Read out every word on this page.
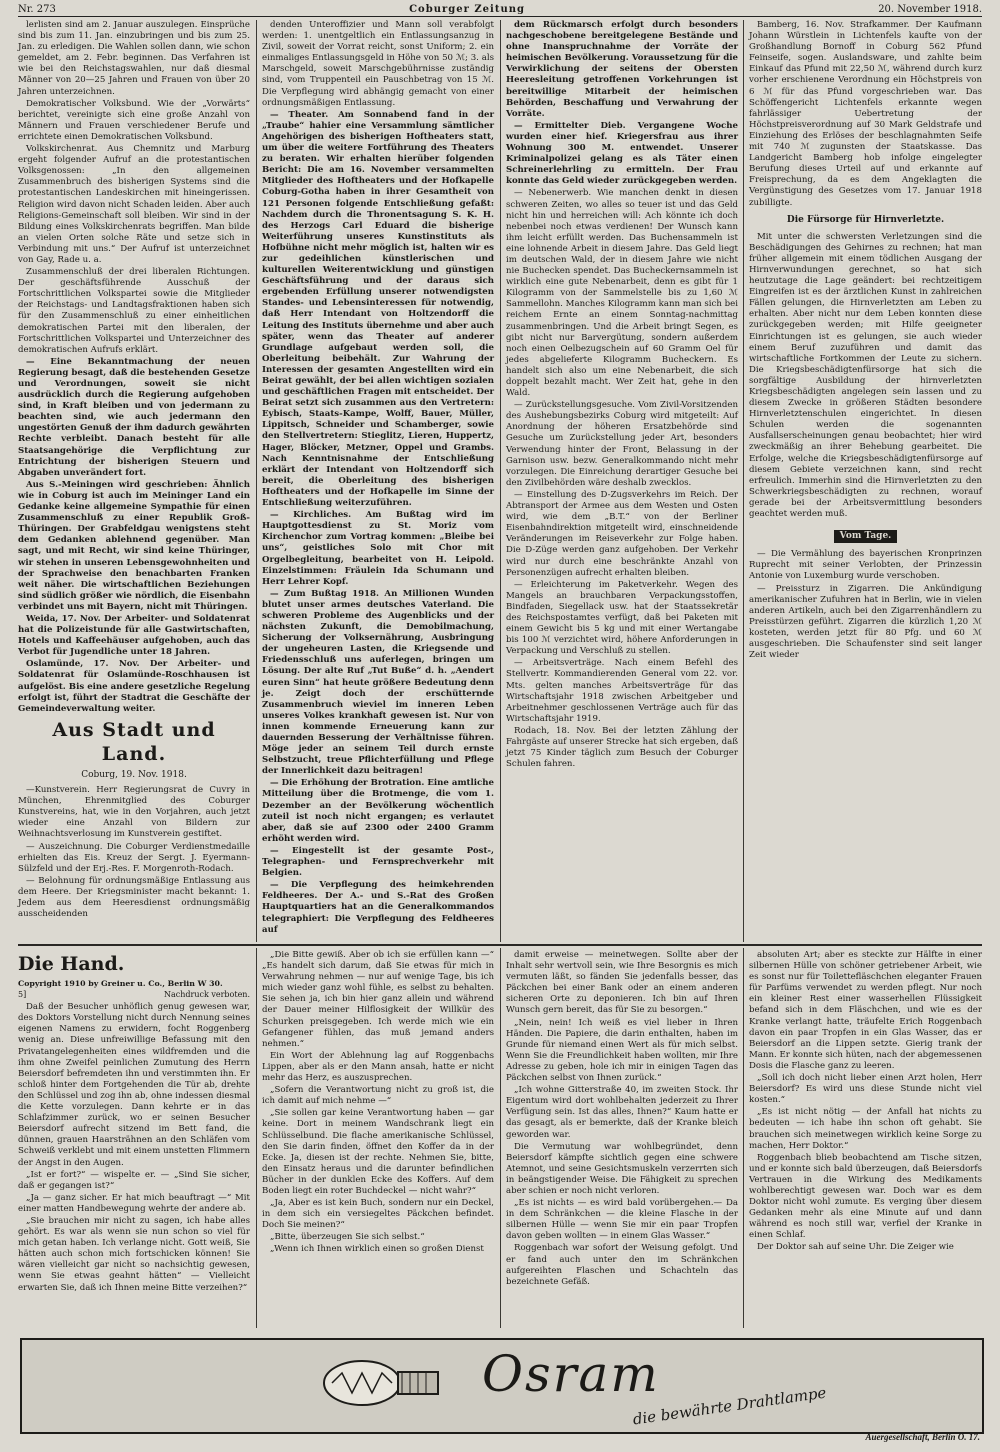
Nr. 273	Coburger Zeitung	20. November 1918.

lerlisten sind am 2. Januar auszulegen. Einsprüche sind bis zum 11. Jan. einzubringen und bis zum 25. Jan. zu erledigen. Die Wahlen sollen dann, wie schon gemeldet, am 2. Febr. beginnen. Das Verfahren ist wie bei den Reichstagswahlen, nur daß diesmal Männer von 20—25 Jahren und Frauen von über 20 Jahren unterzeichnen.

Demokratischer Volksbund. Wie der „Vorwärts“ berichtet, vereinigte sich eine große Anzahl von Männern und Frauen verschiedener Berufe und errichtete einen Demokratischen Volksbund.

Volkskirchenrat. Aus Chemnitz und Marburg ergeht folgender Aufruf an die protestantischen Volksgenossen: „In den allgemeinen Zusammenbruch des bisherigen Systems sind die protestantischen Landeskirchen mit hineingerissen. Religion wird davon nicht Schaden leiden. Aber auch Religions-Gemeinschaft soll bleiben. Wir sind in der Bildung eines Volkskirchenrats begriffen. Man bilde an vielen Orten solche Räte und setze sich in Verbindung mit uns.“ Der Aufruf ist unterzeichnet von Gay, Rade u. a.

Zusammenschluß der drei liberalen Richtungen. Der geschäftsführende Ausschuß der Fortschrittlichen Volkspartei sowie die Mitglieder der Reichstags- und Landtagsfraktionen haben sich für den Zusammenschluß zu einer einheitlichen demokratischen Partei mit den liberalen, der Fortschrittlichen Volkspartei und Unterzeichner des demokratischen Aufrufs erklärt.

— Eine Bekanntmachung der neuen Regierung besagt, daß die bestehenden Gesetze und Verordnungen, soweit sie nicht ausdrücklich durch die Regierung aufgehoben sind, in Kraft bleiben und von jedermann zu beachten sind, wie auch jedermann den ungestörten Genuß der ihm dadurch gewährten Rechte verbleibt. Danach besteht für alle Staatsangehörige die Verpflichtung zur Entrichtung der bisherigen Steuern und Abgaben unverändert fort.

Aus S.-Meiningen wird geschrieben: Ähnlich wie in Coburg ist auch im Meininger Land ein Gedanke keine allgemeine Sympathie für einen Zusammenschluß zu einer Republik Groß-Thüringen. Der Grabfeldgau wenigstens steht dem Gedanken ablehnend gegenüber. Man sagt, und mit Recht, wir sind keine Thüringer, wir stehen in unseren Lebensgewohnheiten und der Sprachweise den benachbarten Franken weit näher. Die wirtschaftlichen Beziehungen sind südlich größer wie nördlich, die Eisenbahn verbindet uns mit Bayern, nicht mit Thüringen.

Weida, 17. Nov. Der Arbeiter- und Soldatenrat hat die Polizeistunde für alle Gastwirtschaften, Hotels und Kaffeehäuser aufgehoben, auch das Verbot für Jugendliche unter 18 Jahren.

Oslamünde, 17. Nov. Der Arbeiter- und Soldatenrat für Oslamünde-Roschhausen ist aufgelöst. Bis eine andere gesetzliche Regelung erfolgt ist, führt der Stadtrat die Geschäfte der Gemeindeverwaltung weiter.

Aus Stadt und Land.
Coburg, 19. Nov. 1918.

—Kunstverein. Herr Regierungsrat de Cuvry in München, Ehrenmitglied des Coburger Kunstvereins, hat, wie in den Vorjahren, auch jetzt wieder eine Anzahl von Bildern zur Weihnachtsverlosung im Kunstverein gestiftet.

— Auszeichnung. Die Coburger Verdienstmedaille erhielten das Eis. Kreuz der Sergt. J. Eyermann-Sülzfeld und der Erj.-Res. F. Morgenroth-Rodach.

— Belohnung für ordnungsmäßige Entlassung aus dem Heere. Der Kriegsminister macht bekannt: 1. Jedem aus dem Heeresdienst ordnungsmäßig ausscheidenden

denden Unteroffizier und Mann soll verabfolgt werden: 1. unentgeltlich ein Entlassungsanzug in Zivil, soweit der Vorrat reicht, sonst Uniform; 2. ein einmaliges Entlassungsgeld in Höhe von 50 ℳ; 3. als Marschgeld, soweit Marschgebührnisse zuständig sind, vom Truppenteil ein Pauschbetrag von 15 ℳ. Die Verpflegung wird abhängig gemacht von einer ordnungsmäßigen Entlassung.

— Theater. Am Sonnabend fand in der „Traube“ hahier eine Versammlung sämtlicher Angehörigen des bisherigen Hoftheaters statt, um über die weitere Fortführung des Theaters zu beraten. Wir erhalten hierüber folgenden Bericht: Die am 16. November versammelten Mitglieder des Hoftheaters und der Hofkapelle Coburg-Gotha haben in ihrer Gesamtheit von 121 Personen folgende Entschließung gefaßt: Nachdem durch die Thronentsagung S. K. H. des Herzogs Carl Eduard die bisherige Weiterführung unseres Kunstinstituts als Hofbühne nicht mehr möglich ist, halten wir es zur gedeihlichen künstlerischen und kulturellen Weiterentwicklung und günstigen Geschäftsführung und der daraus sich ergebenden Erfüllung unserer notwendigsten Standes- und Lebensinteressen für notwendig, daß Herr Intendant von Holtzendorff die Leitung des Instituts übernehme und aber auch später, wenn das Theater auf anderer Grundlage aufgebaut werden soll, die Oberleitung beibehält. Zur Wahrung der Interessen der gesamten Angestellten wird ein Beirat gewählt, der bei allen wichtigen sozialen und geschäftlichen Fragen mit entscheidet. Der Beirat setzt sich zusammen aus den Vertretern: Eybisch, Staats-Kampe, Wolff, Bauer, Müller, Lippitsch, Schneider und Schamberger, sowie den Stellvertretern: Stieglitz, Lieren, Huppertz, Hager, Blöcker, Metzner, Oppel und Grambs. Nach Kenntnisnahme der Entschließung erklärt der Intendant von Holtzendorff sich bereit, die Oberleitung des bisherigen Hoftheaters und der Hofkapelle im Sinne der Entschließung weiterzuführen.

— Kirchliches. Am Bußtag wird im Hauptgottesdienst zu St. Moriz vom Kirchenchor zum Vortrag kommen: „Bleibe bei uns“, geistliches Solo mit Chor mit Orgelbegleitung, bearbeitet von H. Leipold. Einzelstimmen: Fräulein Ida Schumann und Herr Lehrer Kopf.

— Zum Bußtag 1918. An Millionen Wunden blutet unser armes deutsches Vaterland. Die schweren Probleme des Augenblicks und der nächsten Zukunft, die Demobilmachung, Sicherung der Volksernährung, Ausbringung der ungeheuren Lasten, die Kriegsende und Friedensschluß uns auferlegen, bringen um Lösung. Der alte Ruf „Tut Buße“ d. h. „Aendert euren Sinn“ hat heute größere Bedeutung denn je. Zeigt doch der erschütternde Zusammenbruch wieviel im inneren Leben unseres Volkes krankhaft gewesen ist. Nur von innen kommende Erneuerung kann zur dauernden Besserung der Verhältnisse führen. Möge jeder an seinem Teil durch ernste Selbstzucht, treue Pflichterfüllung und Pflege der Innerlichkeit dazu beitragen!

— Die Erhöhung der Brotration. Eine amtliche Mitteilung über die Brotmenge, die vom 1. Dezember an der Bevölkerung wöchentlich zuteil ist noch nicht ergangen; es verlautet aber, daß sie auf 2300 oder 2400 Gramm erhöht werden wird.

— Eingestellt ist der gesamte Post-, Telegraphen- und Fernsprechverkehr mit Belgien.

— Die Verpflegung des heimkehrenden Feldheeres. Der A.- und S.-Rat des Großen Hauptquartiers hat an die Generalkommandos telegraphiert: Die Verpflegung des Feldheeres auf

dem Rückmarsch erfolgt durch besonders nachgeschobene bereitgelegene Bestände und ohne Inanspruchnahme der Vorräte der heimischen Bevölkerung. Voraussetzung für die Verwirklichung der seitens der Obersten Heeresleitung getroffenen Vorkehrungen ist bereitwillige Mitarbeit der heimischen Behörden, Beschaffung und Verwahrung der Vorräte.

— Ermittelter Dieb. Vergangene Woche wurden einer hief. Kriegersfrau aus ihrer Wohnung 300 M. entwendet. Unserer Kriminalpolizei gelang es als Täter einen Schreinerlehrling zu ermitteln. Der Frau konnte das Geld wieder zurückgegeben werden.

— Nebenerwerb. Wie manchen denkt in diesen schweren Zeiten, wo alles so teuer ist und das Geld nicht hin und herreichen will: Ach könnte ich doch nebenbei noch etwas verdienen! Der Wunsch kann ihm leicht erfüllt werden. Das Buchensammeln ist eine lohnende Arbeit in diesem Jahre. Das Geld liegt im deutschen Wald, der in diesem Jahre wie nicht nie Buchecken spendet. Das Bucheckernsammeln ist wirklich eine gute Nebenarbeit, denn es gibt für 1 Kilogramm von der Sammelstelle bis zu 1,60 ℳ Sammellohn. Manches Kilogramm kann man sich bei reichem Ernte an einem Sonntag-nachmittag zusammenbringen. Und die Arbeit bringt Segen, es gibt nicht nur Barvergütung, sondern außerdem noch einen Oelbezugschein auf 60 Gramm Oel für jedes abgelieferte Kilogramm Bucheckern. Es handelt sich also um eine Nebenarbeit, die sich doppelt bezahlt macht. Wer Zeit hat, gehe in den Wald.

— Zurückstellungsgesuche. Vom Zivil-Vorsitzenden des Aushebungsbezirks Coburg wird mitgeteilt: Auf Anordnung der höheren Ersatzbehörde sind Gesuche um Zurückstellung jeder Art, besonders Verwendung hinter der Front, Belassung in der Garnison usw. bezw. Generalkommando nicht mehr vorzulegen. Die Einreichung derartiger Gesuche bei den Zivilbehörden wäre deshalb zwecklos.

— Einstellung des D-Zugsverkehrs im Reich. Der Abtransport der Armee aus dem Westen und Osten wird, wie dem „B.T.“ von der Berliner Eisenbahndirektion mitgeteilt wird, einschneidende Veränderungen im Reiseverkehr zur Folge haben. Die D-Züge werden ganz aufgehoben. Der Verkehr wird nur durch eine beschränkte Anzahl von Personenzügen aufrecht erhalten bleiben.

— Erleichterung im Paketverkehr. Wegen des Mangels an brauchbaren Verpackungsstoffen, Bindfaden, Siegellack usw. hat der Staatssekretär des Reichspostamtes verfügt, daß bei Paketen mit einem Gewicht bis 5 kg und mit einer Wertangabe bis 100 ℳ verzichtet wird, höhere Anforderungen in Verpackung und Verschluß zu stellen.

— Arbeitsverträge. Nach einem Befehl des Stellvertr. Kommandierenden General vom 22. vor. Mts. gelten manches Arbeitsverträge für das Wirtschaftsjahr 1918 zwischen Arbeitgeber und Arbeitnehmer geschlossenen Verträge auch für das Wirtschaftsjahr 1919.

Rodach, 18. Nov. Bei der letzten Zählung der Fahrgäste auf unserer Strecke hat sich ergeben, daß jetzt 75 Kinder täglich zum Besuch der Coburger Schulen fahren.

Bamberg, 16. Nov. Strafkammer. Der Kaufmann Johann Würstlein in Lichtenfels kaufte von der Großhandlung Bornoff in Coburg 562 Pfund Feinseife, sogen. Auslandsware, und zahlte beim Einkauf das Pfund mit 22,50 ℳ, während durch kurz vorher erschienene Verordnung ein Höchstpreis von 6 ℳ für das Pfund vorgeschrieben war. Das Schöffengericht Lichtenfels erkannte wegen fahrlässiger Uebertretung der Höchstpreisverordnung auf 30 Mark Geldstrafe und Einziehung des Erlöses der beschlagnahmten Seife mit 740 ℳ zugunsten der Staatskasse. Das Landgericht Bamberg hob infolge eingelegter Berufung dieses Urteil auf und erkannte auf Freisprechung, da es dem Angeklagten die Vergünstigung des Gesetzes vom 17. Januar 1918 zubilligte.

Die Fürsorge für Hirnverletzte.

Mit unter die schwersten Verletzungen sind die Beschädigungen des Gehirnes zu rechnen; hat man früher allgemein mit einem tödlichen Ausgang der Hirnverwundungen gerechnet, so hat sich heutzutage die Lage geändert: bei rechtzeitigem Eingreifen ist es der ärztlichen Kunst in zahlreichen Fällen gelungen, die Hirnverletzten am Leben zu erhalten. Aber nicht nur dem Leben konnten diese zurückgegeben werden; mit Hilfe geeigneter Einrichtungen ist es gelungen, sie auch wieder einem Beruf zuzuführen und damit das wirtschaftliche Fortkommen der Leute zu sichern. Die Kriegsbeschädigtenfürsorge hat sich die sorgfältige Ausbildung der hirnverletzten Kriegsbeschädigten angelegen sein lassen und zu diesem Zwecke in größeren Städten besondere Hirnverletztenschulen eingerichtet. In diesen Schulen werden die sogenannten Ausfallserscheinungen genau beobachtet; hier wird zweckmäßig an ihrer Behebung gearbeitet. Die Erfolge, welche die Kriegsbeschädigtenfürsorge auf diesem Gebiete verzeichnen kann, sind recht erfreulich. Immerhin sind die Hirnverletzten zu den Schwerkriegsbeschädigten zu rechnen, worauf gerade bei der Arbeitsvermittlung besonders geachtet werden muß.

Vom Tage.

— Die Vermählung des bayerischen Kronprinzen Ruprecht mit seiner Verlobten, der Prinzessin Antonie von Luxemburg wurde verschoben.

— Preissturz in Zigarren. Die Ankündigung amerikanischer Zufuhren hat in Berlin, wie in vielen anderen Artikeln, auch bei den Zigarrenhändlern zu Preisstürzen geführt. Zigarren die kürzlich 1,20 ℳ kosteten, werden jetzt für 80 Pfg. und 60 ℳ ausgeschrieben. Die Schaufenster sind seit langer Zeit wieder

Die Hand.
Copyright 1910 by Greiner u. Co., Berlin W 30.
5]	Nachdruck verboten.

Daß der Besucher unhöflich genug gewesen war, des Doktors Vorstellung nicht durch Nennung seines eigenen Namens zu erwidern, focht Roggenberg wenig an. Diese unfreiwillige Befassung mit den Privatangelegenheiten eines wildfremden und die ihm ohne Zweifel peinlichen Zumutung des Herrn Beiersdorf befremdeten ihn und verstimmten ihn. Er schloß hinter dem Fortgehenden die Tür ab, drehte den Schlüssel und zog ihn ab, ohne indessen diesmal die Kette vorzulegen. Dann kehrte er in das Schlafzimmer zurück, wo er seinen Besucher Beiersdorf aufrecht sitzend im Bett fand, die dünnen, grauen Haarsträhnen an den Schläfen vom Schweiß verklebt und mit einem unstetten Flimmern der Angst in den Augen.

„Ist er fort?“ — wispelte er. — „Sind Sie sicher, daß er gegangen ist?“

„Ja — ganz sicher. Er hat mich beauftragt —“ Mit einer matten Handbewegung wehrte der andere ab.

„Sie brauchen mir nicht zu sagen, ich habe alles gehört. Es war als wenn sie nun schon so viel für mich getan haben. Ich verlange nicht. Gott weiß, Sie hätten auch schon mich fortschicken können! Sie wären vielleicht gar nicht so nachsichtig gewesen, wenn Sie etwas geahnt hätten“ — Vielleicht erwarten Sie, daß ich Ihnen meine Bitte verzeihen?“

„Die Bitte gewiß. Aber ob ich sie erfüllen kann —“ „Es handelt sich darum, daß Sie etwas für mich in Verwahrung nehmen — nur auf wenige Tage, bis ich mich wieder ganz wohl fühle, es selbst zu behalten. Sie sehen ja, ich bin hier ganz allein und während der Dauer meiner Hilflosigkeit der Willkür des Schurken preisgegeben. Ich werde mich wie ein Gefangener fühlen, das muß jemand anders nehmen.“

Ein Wort der Ablehnung lag auf Roggenbachs Lippen, aber als er den Mann ansah, hatte er nicht mehr das Herz, es auszusprechen.

„Sofern die Verantwortung nicht zu groß ist, die ich damit auf mich nehme —“

„Sie sollen gar keine Verantwortung haben — gar keine. Dort in meinem Wandschrank liegt ein Schlüsselbund. Die flache amerikanische Schlüssel, den Sie darin finden, öffnet den Koffer da in der Ecke. Ja, diesen ist der rechte. Nehmen Sie, bitte, den Einsatz heraus und die darunter befindlichen Bücher in der dunklen Ecke des Koffers. Auf dem Boden liegt ein roter Buchdeckel — nicht wahr?“

„Ja, Aber es ist kein Buch, sondern nur ein Deckel, in dem sich ein versiegeltes Päckchen befindet. Doch Sie meinen?“

„Bitte, überzeugen Sie sich selbst.“

„Wenn ich Ihnen wirklich einen so großen Dienst

damit erweise — meinetwegen. Sollte aber der Inhalt sehr wertvoll sein, wie Ihre Besorgnis es mich vermuten läßt, so fänden Sie jedenfalls besser, das Päckchen bei einer Bank oder an einem anderen sicheren Orte zu deponieren. Ich bin auf Ihren Wunsch gern bereit, das für Sie zu besorgen.“

„Nein, nein! Ich weiß es viel lieber in Ihren Händen. Die Papiere, die darin enthalten, haben im Grunde für niemand einen Wert als für mich selbst. Wenn Sie die Freundlichkeit haben wollten, mir Ihre Adresse zu geben, hole ich mir in einigen Tagen das Päckchen selbst von Ihnen zurück.“

„Ich wohne Gitterstraße 40, im zweiten Stock. Ihr Eigentum wird dort wohlbehalten jederzeit zu Ihrer Verfügung sein. Ist das alles, Ihnen?“ Kaum hatte er das gesagt, als er bemerkte, daß der Kranke bleich geworden war.

Die Vermutung war wohlbegründet, denn Beiersdorf kämpfte sichtlich gegen eine schwere Atemnot, und seine Gesichtsmuskeln verzerrten sich in beängstigender Weise. Die Fähigkeit zu sprechen aber schien er noch nicht verloren.

„Es ist nichts — es wird bald vorübergehen.— Da in dem Schränkchen — die kleine Flasche in der silbernen Hülle — wenn Sie mir ein paar Tropfen davon geben wollten — in einem Glas Wasser.“

Roggenbach war sofort der Weisung gefolgt. Und er fand auch unter den im Schränkchen aufgereihten Flaschen und Schachteln das bezeichnete Gefäß.

absoluten Art; aber es steckte zur Hälfte in einer silbernen Hülle von schöner getriebener Arbeit, wie es sonst nur für Toilettefläschchen eleganter Frauen für Parfüms verwendet zu werden pflegt. Nur noch ein kleiner Rest einer wasserhellen Flüssigkeit befand sich in dem Fläschchen, und wie es der Kranke verlangt hatte, träufelte Erich Roggenbach davon ein paar Tropfen in ein Glas Wasser, das er Beiersdorf an die Lippen setzte. Gierig trank der Mann. Er konnte sich hüten, nach der abgemessenen Dosis die Flasche ganz zu leeren.

„Soll ich doch nicht lieber einen Arzt holen, Herr Beiersdorf? Es wird uns diese Stunde nicht viel kosten.“

„Es ist nicht nötig — der Anfall hat nichts zu bedeuten — ich habe ihn schon oft gehabt. Sie brauchen sich meinetwegen wirklich keine Sorge zu machen, Herr Doktor.“

Roggenbach blieb beobachtend am Tische sitzen, und er konnte sich bald überzeugen, daß Beiersdorfs Vertrauen in die Wirkung des Medikaments wohlberechtigt gewesen war. Doch war es dem Doktor nicht wohl zumute. Es verging über diesem Gedanken mehr als eine Minute auf und dann während es noch still war, verfiel der Kranke in einen Schlaf.

Der Doktor sah auf seine Uhr. Die Zeiger wie

Osram
die bewährte Drahtlampe
Auergesellschaft, Berlin O. 17.
